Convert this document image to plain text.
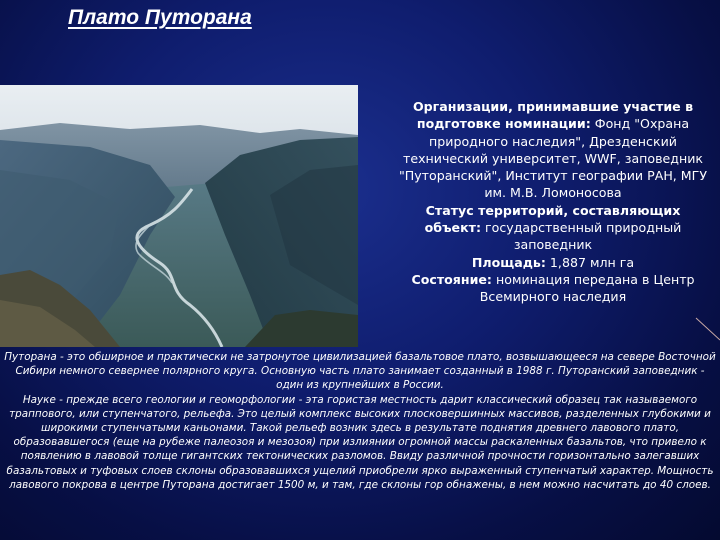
Плато Путорана

Организации, принимавшие участие в подготовке номинации: Фонд "Охрана природного наследия", Дрезденский технический университет, WWF, заповедник "Путоранский", Институт географии РАН, МГУ им. М.В. Ломоносова

Статус территорий, составляющих объект: государственный природный заповедник

Площадь: 1,887 млн га

Состояние: номинация передана в Центр Всемирного наследия

Путорана - это обширное и практически не затронутое цивилизацией базальтовое плато, возвышающееся на севере Восточной Сибири немного севернее полярного круга. Основную часть плато занимает созданный в 1988 г. Путоранский заповедник - один из крупнейших в России.

Науке - прежде всего геологии и геоморфологии - эта гористая местность дарит классический образец так называемого траппового, или ступенчатого, рельефа. Это целый комплекс высоких плосковершинных массивов, разделенных глубокими и широкими ступенчатыми каньонами. Такой рельеф возник здесь в результате поднятия древнего лавового плато, образовавшегося (еще на рубеже палеозоя и мезозоя) при излиянии огромной массы раскаленных базальтов, что привело к появлению в лавовой толще гигантских тектонических разломов. Ввиду различной прочности горизонтально залегавших базальтовых и туфовых слоев склоны образовавшихся ущелий приобрели ярко выраженный ступенчатый характер. Мощность лавового покрова в центре Путорана достигает 1500 м, и там, где склоны гор обнажены, в нем можно насчитать до 40 слоев.
